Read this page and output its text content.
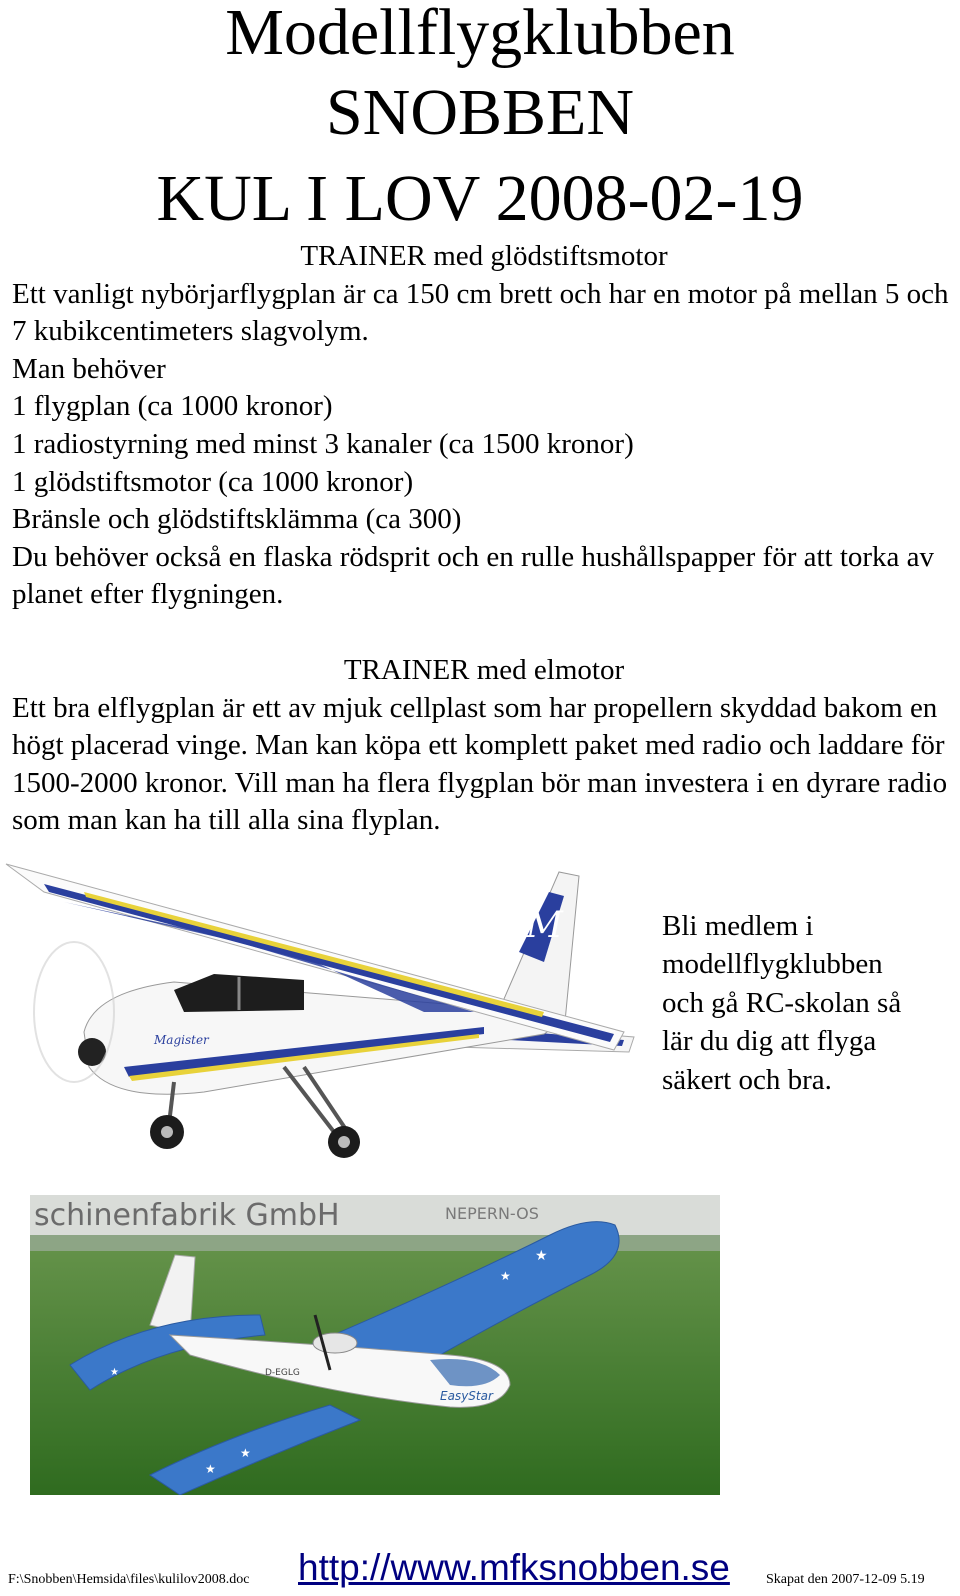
Modellflygklubben
SNOBBEN
KUL I LOV 2008-02-19

TRAINER med glödstiftsmotor

Ett vanligt nybörjarflygplan är ca 150 cm brett och har en motor på mellan 5 och 7 kubikcentimeters slagvolym.

Man behöver

1 flygplan (ca 1000 kronor)

1 radiostyrning med minst 3 kanaler (ca 1500 kronor)

1 glödstiftsmotor (ca 1000 kronor)

Bränsle och glödstiftsklämma (ca 300)

Du behöver också en flaska rödsprit och en rulle hushållspapper för att torka av planet efter flygningen.

TRAINER med elmotor

Ett bra elflygplan är ett av mjuk cellplast som har propellern skyddad bakom en högt placerad vinge. Man kan köpa ett komplett paket med radio och laddare för 1500-2000 kronor. Vill man ha flera flygplan bör man investera i en dyrare radio som man kan ha till alla sina flyplan.

M
Magister

Bli medlem i

modellflygklubben

och gå RC-skolan så

lär du dig att flyga

säkert och bra.

schinenfabrik GmbH	NEPERN-OS
EasyStar
D-EGLG
★
★
★
★
★
F:\Snobben\Hemsida\files\kulilov2008.doc http://www.mfksnobben.se	Skapat den 2007-12-09 5.19
